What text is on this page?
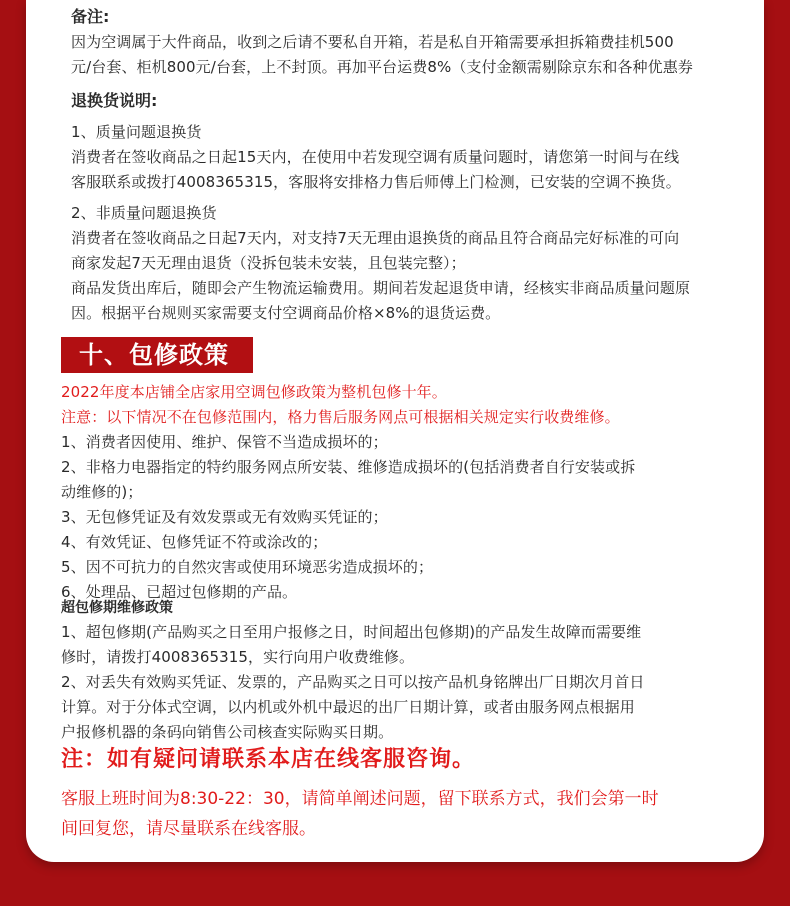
备注:
因为空调属于大件商品，收到之后请不要私自开箱，若是私自开箱需要承担拆箱费挂机500
元/台套、柜机800元/台套，上不封顶。再加平台运费8%（支付金额需剔除京东和各种优惠券
退换货说明:
1、质量问题退换货
消费者在签收商品之日起15天内，在使用中若发现空调有质量问题时，请您第一时间与在线
客服联系或拨打4008365315，客服将安排格力售后师傅上门检测，已安装的空调不换货。
2、非质量问题退换货
消费者在签收商品之日起7天内，对支持7天无理由退换货的商品且符合商品完好标准的可向
商家发起7天无理由退货（没拆包装未安装，且包装完整）；
商品发货出库后，随即会产生物流运输费用。期间若发起退货申请，经核实非商品质量问题原
因。根据平台规则买家需要支付空调商品价格×8%的退货运费。
十、包修政策
2022年度本店铺全店家用空调包修政策为整机包修十年。
注意：以下情况不在包修范围内，格力售后服务网点可根据相关规定实行收费维修。
1、消费者因使用、维护、保管不当造成损坏的；
2、非格力电器指定的特约服务网点所安装、维修造成损坏的(包括消费者自行安装或拆
动维修的)；
3、无包修凭证及有效发票或无有效购买凭证的；
4、有效凭证、包修凭证不符或涂改的；
5、因不可抗力的自然灾害或使用环境恶劣造成损坏的；
6、处理品、已超过包修期的产品。
超包修期维修政策
1、超包修期(产品购买之日至用户报修之日，时间超出包修期)的产品发生故障而需要维
修时，请拨打4008365315，实行向用户收费维修。
2、对丢失有效购买凭证、发票的，产品购买之日可以按产品机身铭牌出厂日期次月首日
计算。对于分体式空调，以内机或外机中最迟的出厂日期计算，或者由服务网点根据用
户报修机器的条码向销售公司核查实际购买日期。
注：如有疑问请联系本店在线客服咨询。
客服上班时间为8:30-22：30，请简单阐述问题，留下联系方式，我们会第一时
间回复您，请尽量联系在线客服。
